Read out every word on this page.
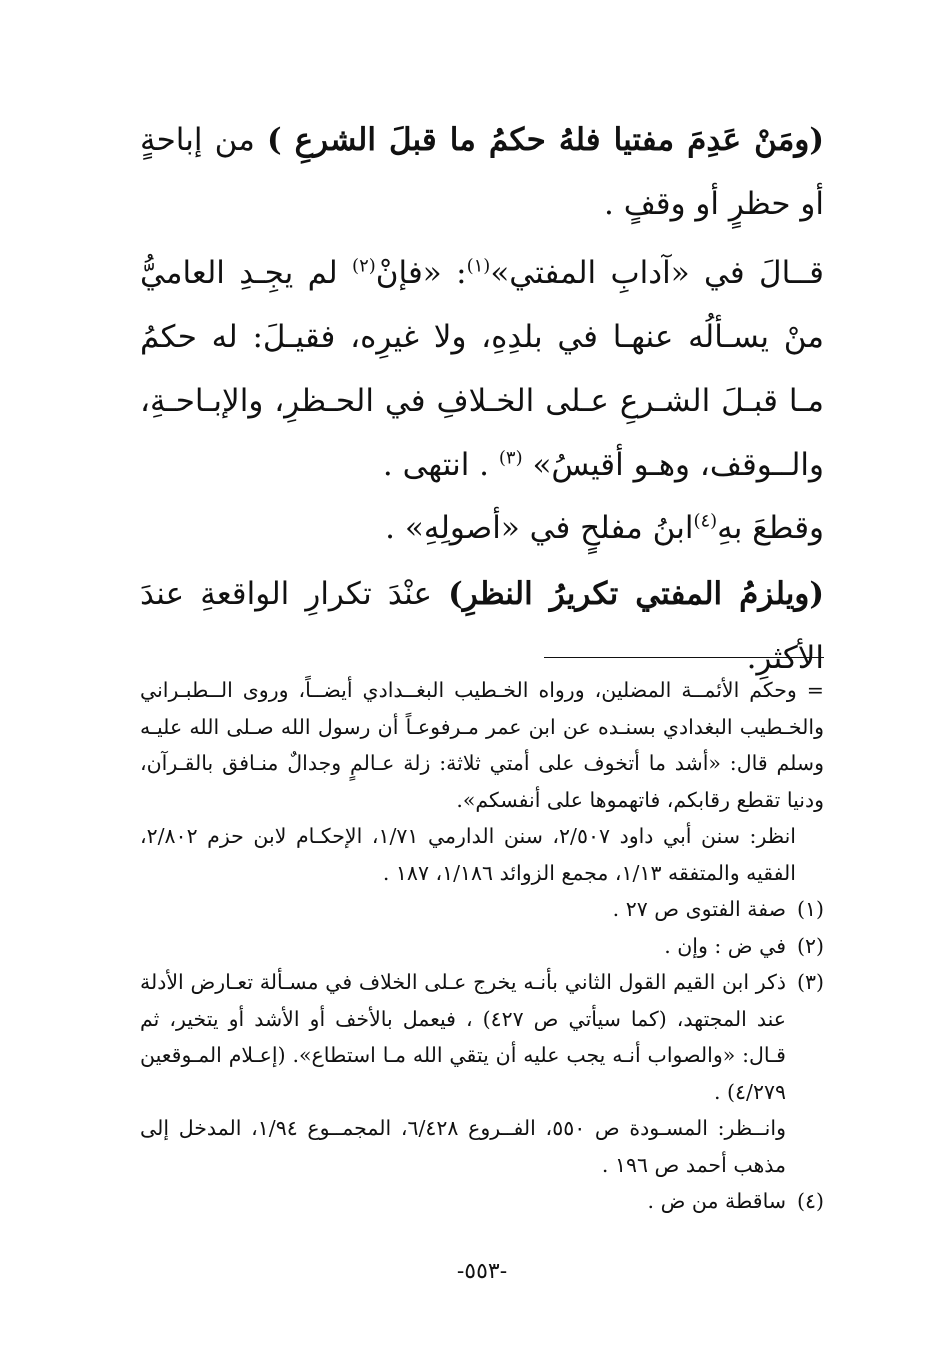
(ومَنْ عَدِمَ مفتيا فلهُ حكمُ ما قبلَ الشرعِ ) من إباحةٍ أو حظرٍ أو وقفٍ .

قــالَ في «آدابِ المفتي»$^{(١)}$: «فإنْ$^{(٢)}$ لم يجِـدِ العاميُّ منْ يسـألُه عنهـا في بلدِهِ، ولا غيرِه، فقيـلَ: له حكمُ مـا قبـلَ الشـرعِ عـلى الخـلافِ في الحـظرِ، والإبـاحـةِ، والــوقف، وهـو أقيسُ» $^{(٣)}$ . انتهى .

وقطعَ بهِ$^{(٤)}$ابنُ مفلحٍ في «أصولِهِ» .

(ويلزمُ المفتي تكريرُ النظرِ) عنْدَ تكرارِ الواقعةِ عندَ الأكثرِ.

= وحكم الأئمــة المضلين، ورواه الخـطيب البغــدادي أيضــاً، وروى الــطبـراني والخـطيب البغدادي بسنـده عن ابن عمر مـرفوعـاً أن رسول الله صـلى الله عليـه وسلم قال: «أشد ما أتخوف على أمتي ثلاثة: زلة عـالمٍ وجدالٌ منـافق بالقـرآن، ودنيا تقطع رقابكم، فاتهموها على أنفسكم».

انظر: سنن أبي داود ٢/٥٠٧، سنن الدارمي ١/٧١، الإحكـام لابن حزم ٢/٨٠٢، الفقيه والمتفقه ١/١٣، مجمع الزوائد ١/١٨٦، ١٨٧ .

(١)
صفة الفتوى ص ٢٧ .

(٢)
في ض : وإن .

(٣)
ذكر ابن القيم القول الثاني بأنـه يخرج عـلى الخلاف في مسـألة تعـارض الأدلة عند المجتهد، (كما سيأتي ص ٤٢٧) ، فيعمل بالأخف أو الأشد أو يتخير، ثم قـال: «والصواب أنـه يجب عليه أن يتقي الله مـا استطاع». (إعـلام المـوقعين ٤/٢٧٩) .

وانــظر: المسـودة ص ٥٥٠، الفــروع ٦/٤٢٨، المجمــوع ١/٩٤، المدخل إلى مذهب أحمد ص ١٩٦ .

(٤)
ساقطة من ض .

-٥٥٣-
